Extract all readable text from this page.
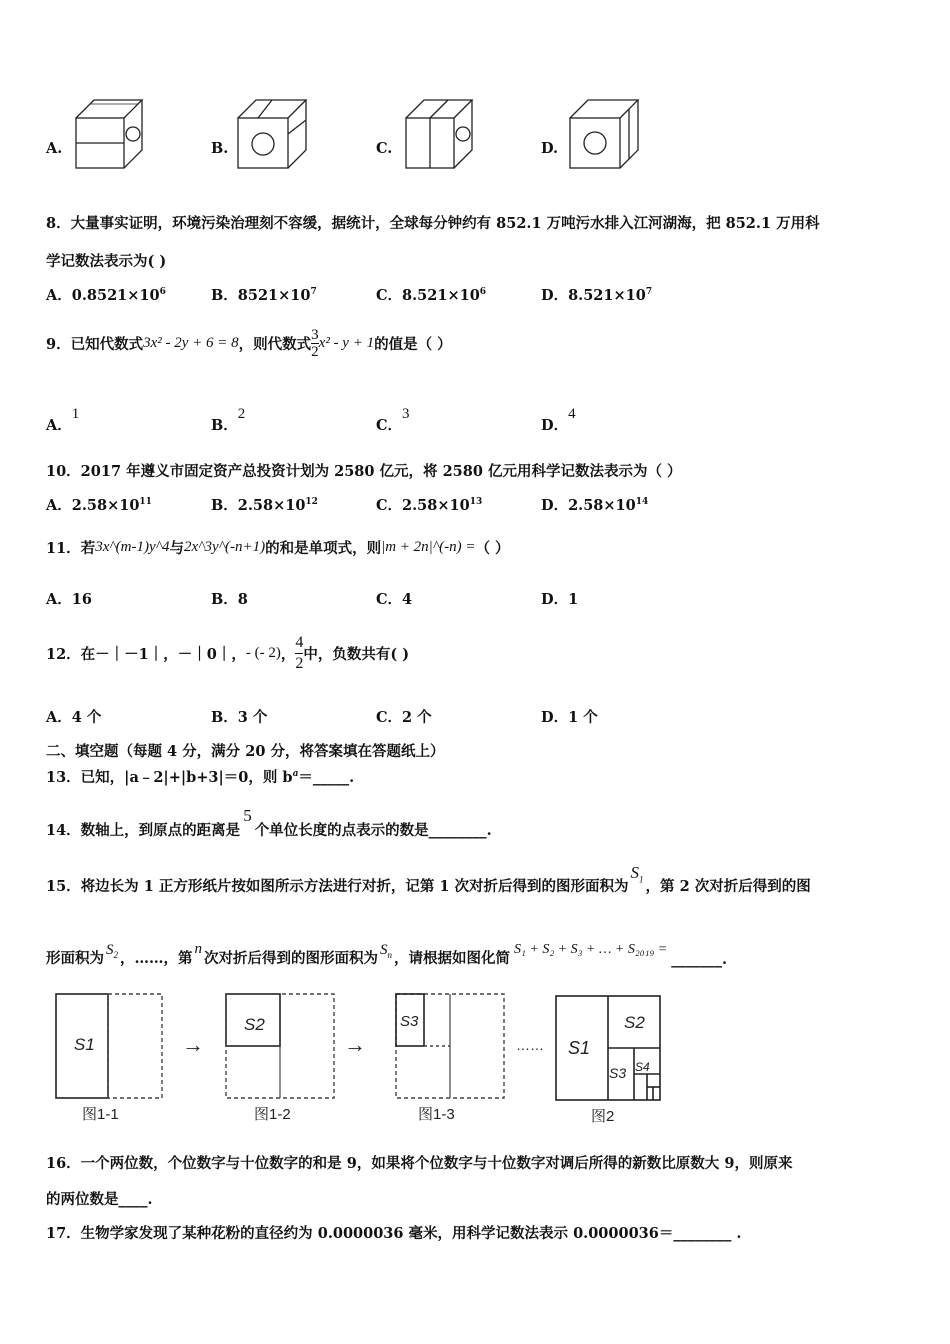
A.	B.	C.	D.
8．大量事实证明，环境污染治理刻不容缓，据统计，全球每分钟约有 852.1 万吨污水排入江河湖海，把 852.1 万用科
学记数法表示为( )
A．$0.8521\times 10^6$	B．$8521\times 10^7$	C．$8.521\times 10^6$	D．$8.521\times 10^7$
9．已知代数式 3x² - 2y + 6 = 8 ，则代数式 $\frac{3}{2} x^2 - y + 1$ 的值是（ ）
A．1
B．2
C．3
D．4
10．2017 年遵义市固定资产总投资计划为 2580 亿元，将 2580 亿元用科学记数法表示为（ ）
A．$2.58\times 10^{11}$	B．$2.58\times 10^{12}$	C．$2.58\times 10^{13}$	D．$2.58\times 10^{14}$
11．若 3x^(m-1)y^4 与 2x^3y^(-n+1) 的和是单项式，则 |m + 2n|^(-n) = （ ）
A．16	B．8	C．4	D．1
12．在－｜－1｜，－｜0｜， - (- 2) ， $\frac{4}{2}$ 中，负数共有( )
A．4 个	B．3 个	C．2 个	D．1 个
二、填空题（每题 4 分，满分 20 分，将答案填在答题纸上）
13．已知，|a﹣2|+|b+3|＝0，则 $b^a=\_\_\_\_\_$.
14．数轴上，到原点的距离是
5
个单位长度的点表示的数是________.
15．将边长为 1 正方形纸片按如图所示方法进行对折，记第 1 次对折后得到的图形面积为
$S_1$ ，第 2 次对折后得到的图
形面积为 $S_2$ ，……，第
n
次对折后得到的图形面积为 $S_n$ ，请根据如图化简
S₁ + S₂ + S₃ + … + S₂₀₁₉ =
_______.
S1
图1-1
→
S2
图1-2
→
S3
图1-3
…… S1
S2
S3 S4
图2
16．一个两位数，个位数字与十位数字的和是 9，如果将个位数字与十位数字对调后所得的新数比原数大 9，则原来
的两位数是____.
17．生物学家发现了某种花粉的直径约为 0.0000036 毫米，用科学记数法表示 0.0000036＝________ .
